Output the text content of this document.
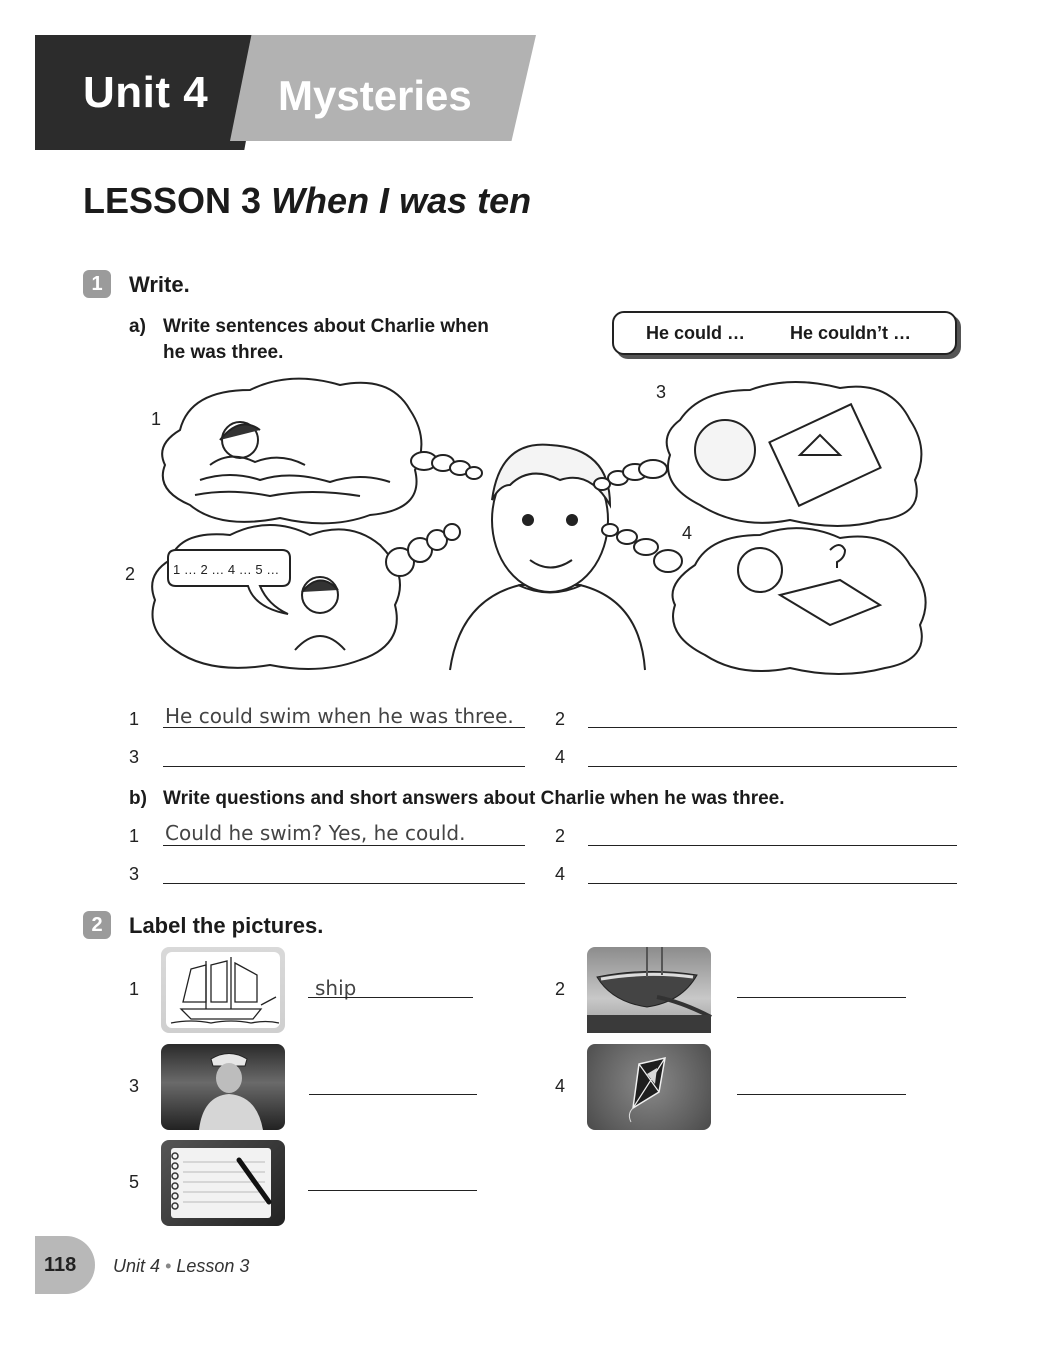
Unit 4 Mysteries
LESSON 3 When I was ten
1	Write.
a) Write sentences about Charlie when
he was three.
He could … He couldn’t …
1 … 2 … 4 … 5 …
1
2
3
4
1 He could swim when he was three. 2
3	4
b) Write questions and short answers about Charlie when he was three.
1 Could he swim? Yes, he could.	2
3	4
2	Label the pictures.
1	ship	2
3	4
5
118 Unit 4 • Lesson 3
